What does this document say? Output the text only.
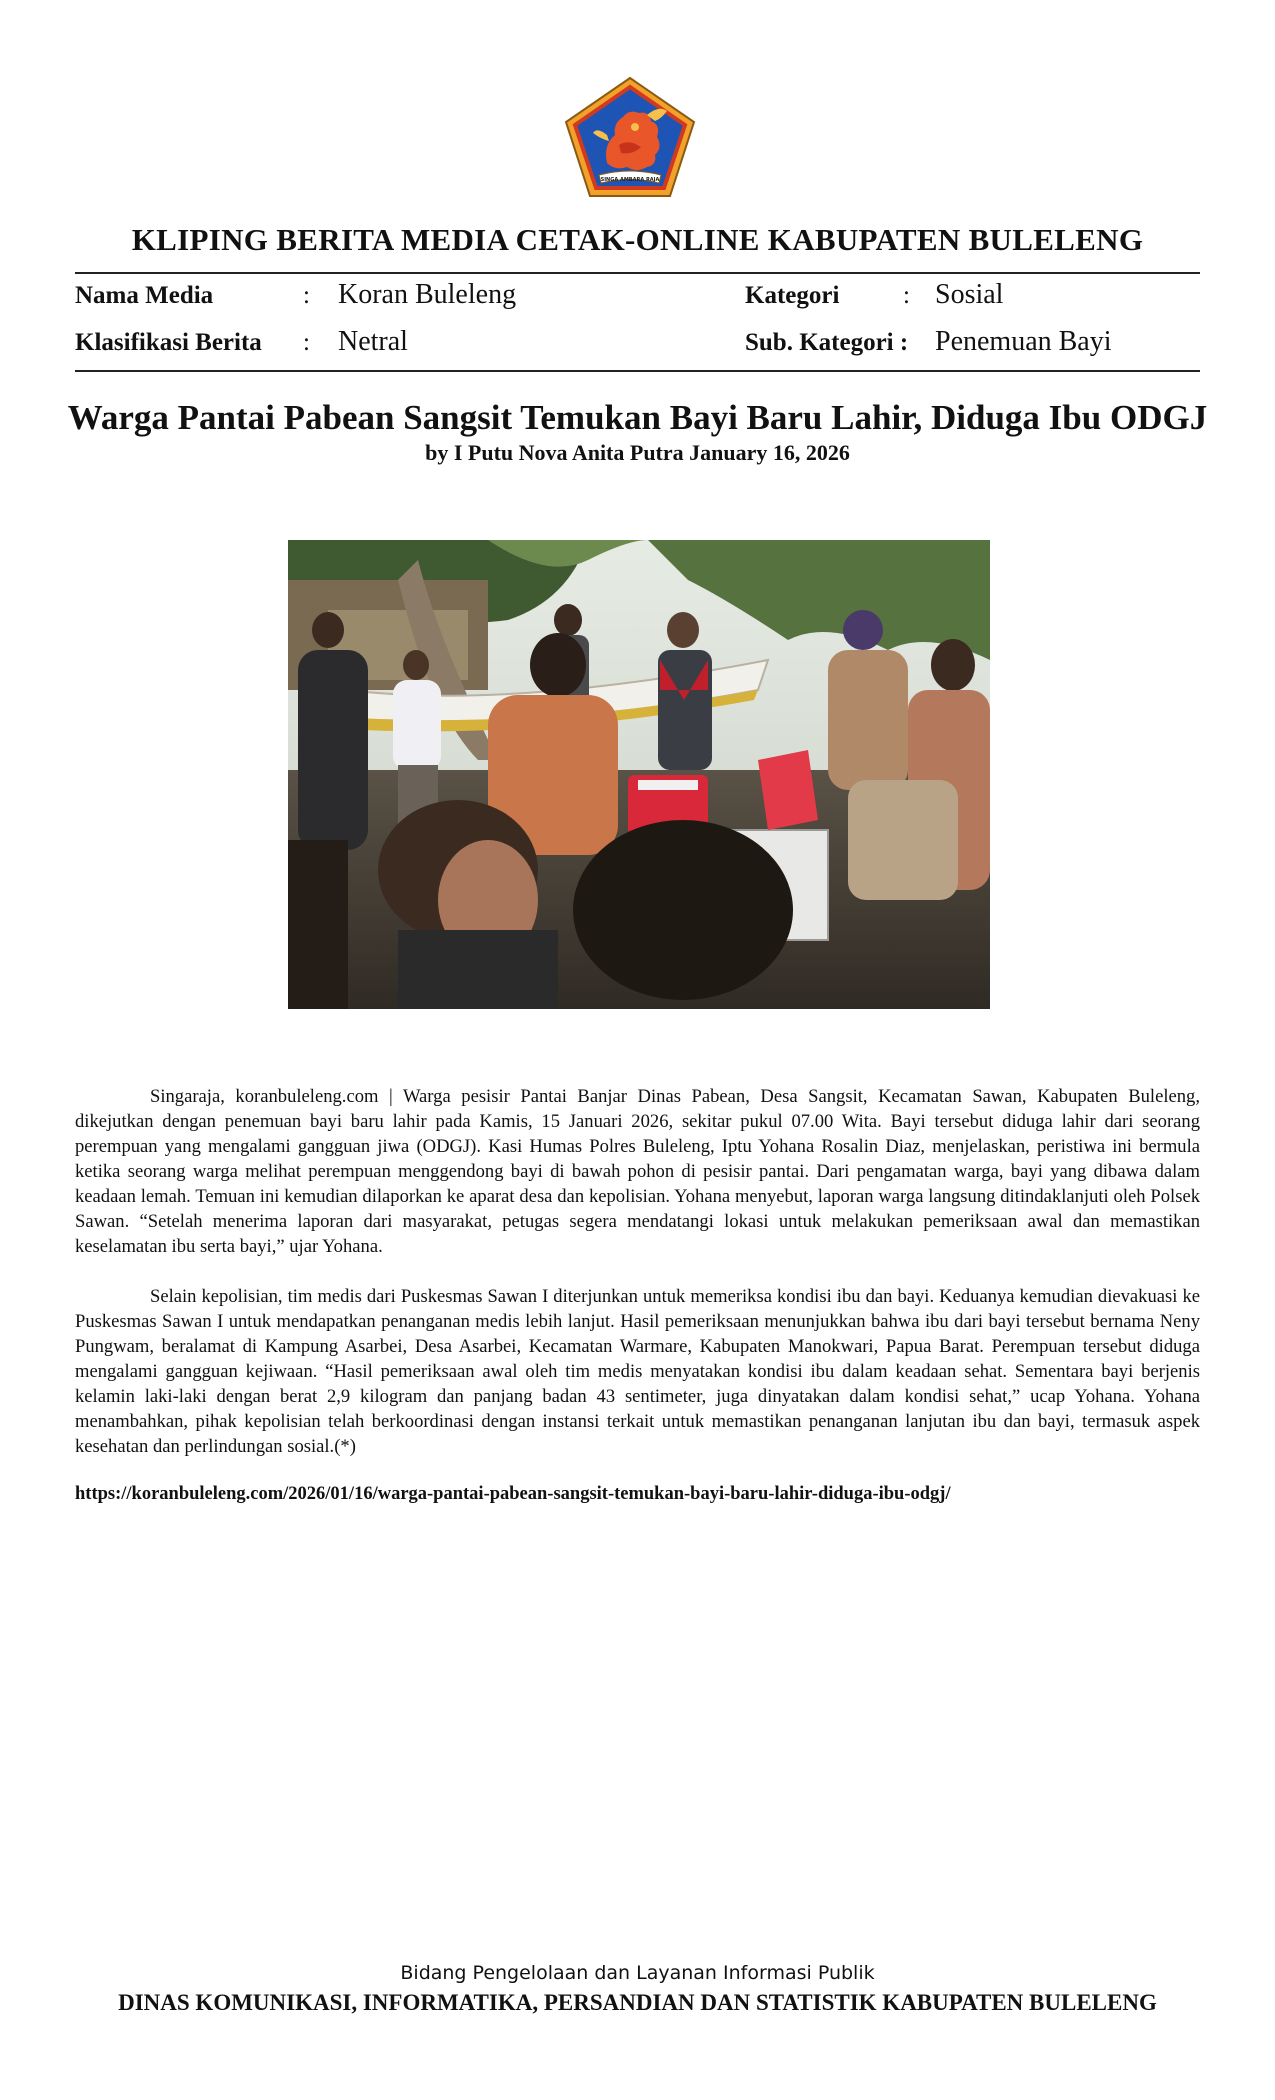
SINGA AMBARA RAJA
KLIPING BERITA MEDIA CETAK-ONLINE KABUPATEN BULELENG
Nama Media	: Koran Buleleng
Klasifikasi Berita : Netral
Kategori	: Sosial
Sub. Kategori : Penemuan Bayi
Warga Pantai Pabean Sangsit Temukan Bayi Baru Lahir, Diduga Ibu ODGJ
by I Putu Nova Anita Putra January 16, 2026

Singaraja, koranbuleleng.com | Warga pesisir Pantai Banjar Dinas Pabean, Desa Sangsit, Kecamatan Sawan, Kabupaten Buleleng, dikejutkan dengan penemuan bayi baru lahir pada Kamis, 15 Januari 2026, sekitar pukul 07.00 Wita. Bayi tersebut diduga lahir dari seorang perempuan yang mengalami gangguan jiwa (ODGJ). Kasi Humas Polres Buleleng, Iptu Yohana Rosalin Diaz, menjelaskan, peristiwa ini bermula ketika seorang warga melihat perempuan menggendong bayi di bawah pohon di pesisir pantai. Dari pengamatan warga, bayi yang dibawa dalam keadaan lemah. Temuan ini kemudian dilaporkan ke aparat desa dan kepolisian. Yohana menyebut, laporan warga langsung ditindaklanjuti oleh Polsek Sawan. “Setelah menerima laporan dari masyarakat, petugas segera mendatangi lokasi untuk melakukan pemeriksaan awal dan memastikan keselamatan ibu serta bayi,” ujar Yohana.

Selain kepolisian, tim medis dari Puskesmas Sawan I diterjunkan untuk memeriksa kondisi ibu dan bayi. Keduanya kemudian dievakuasi ke Puskesmas Sawan I untuk mendapatkan penanganan medis lebih lanjut. Hasil pemeriksaan menunjukkan bahwa ibu dari bayi tersebut bernama Neny Pungwam, beralamat di Kampung Asarbei, Desa Asarbei, Kecamatan Warmare, Kabupaten Manokwari, Papua Barat. Perempuan tersebut diduga mengalami gangguan kejiwaan. “Hasil pemeriksaan awal oleh tim medis menyatakan kondisi ibu dalam keadaan sehat. Sementara bayi berjenis kelamin laki-laki dengan berat 2,9 kilogram dan panjang badan 43 sentimeter, juga dinyatakan dalam kondisi sehat,” ucap Yohana. Yohana menambahkan, pihak kepolisian telah berkoordinasi dengan instansi terkait untuk memastikan penanganan lanjutan ibu dan bayi, termasuk aspek kesehatan dan perlindungan sosial.(*)

https://koranbuleleng.com/2026/01/16/warga-pantai-pabean-sangsit-temukan-bayi-baru-lahir-diduga-ibu-odgj/
Bidang Pengelolaan dan Layanan Informasi Publik
DINAS KOMUNIKASI, INFORMATIKA, PERSANDIAN DAN STATISTIK KABUPATEN BULELENG
